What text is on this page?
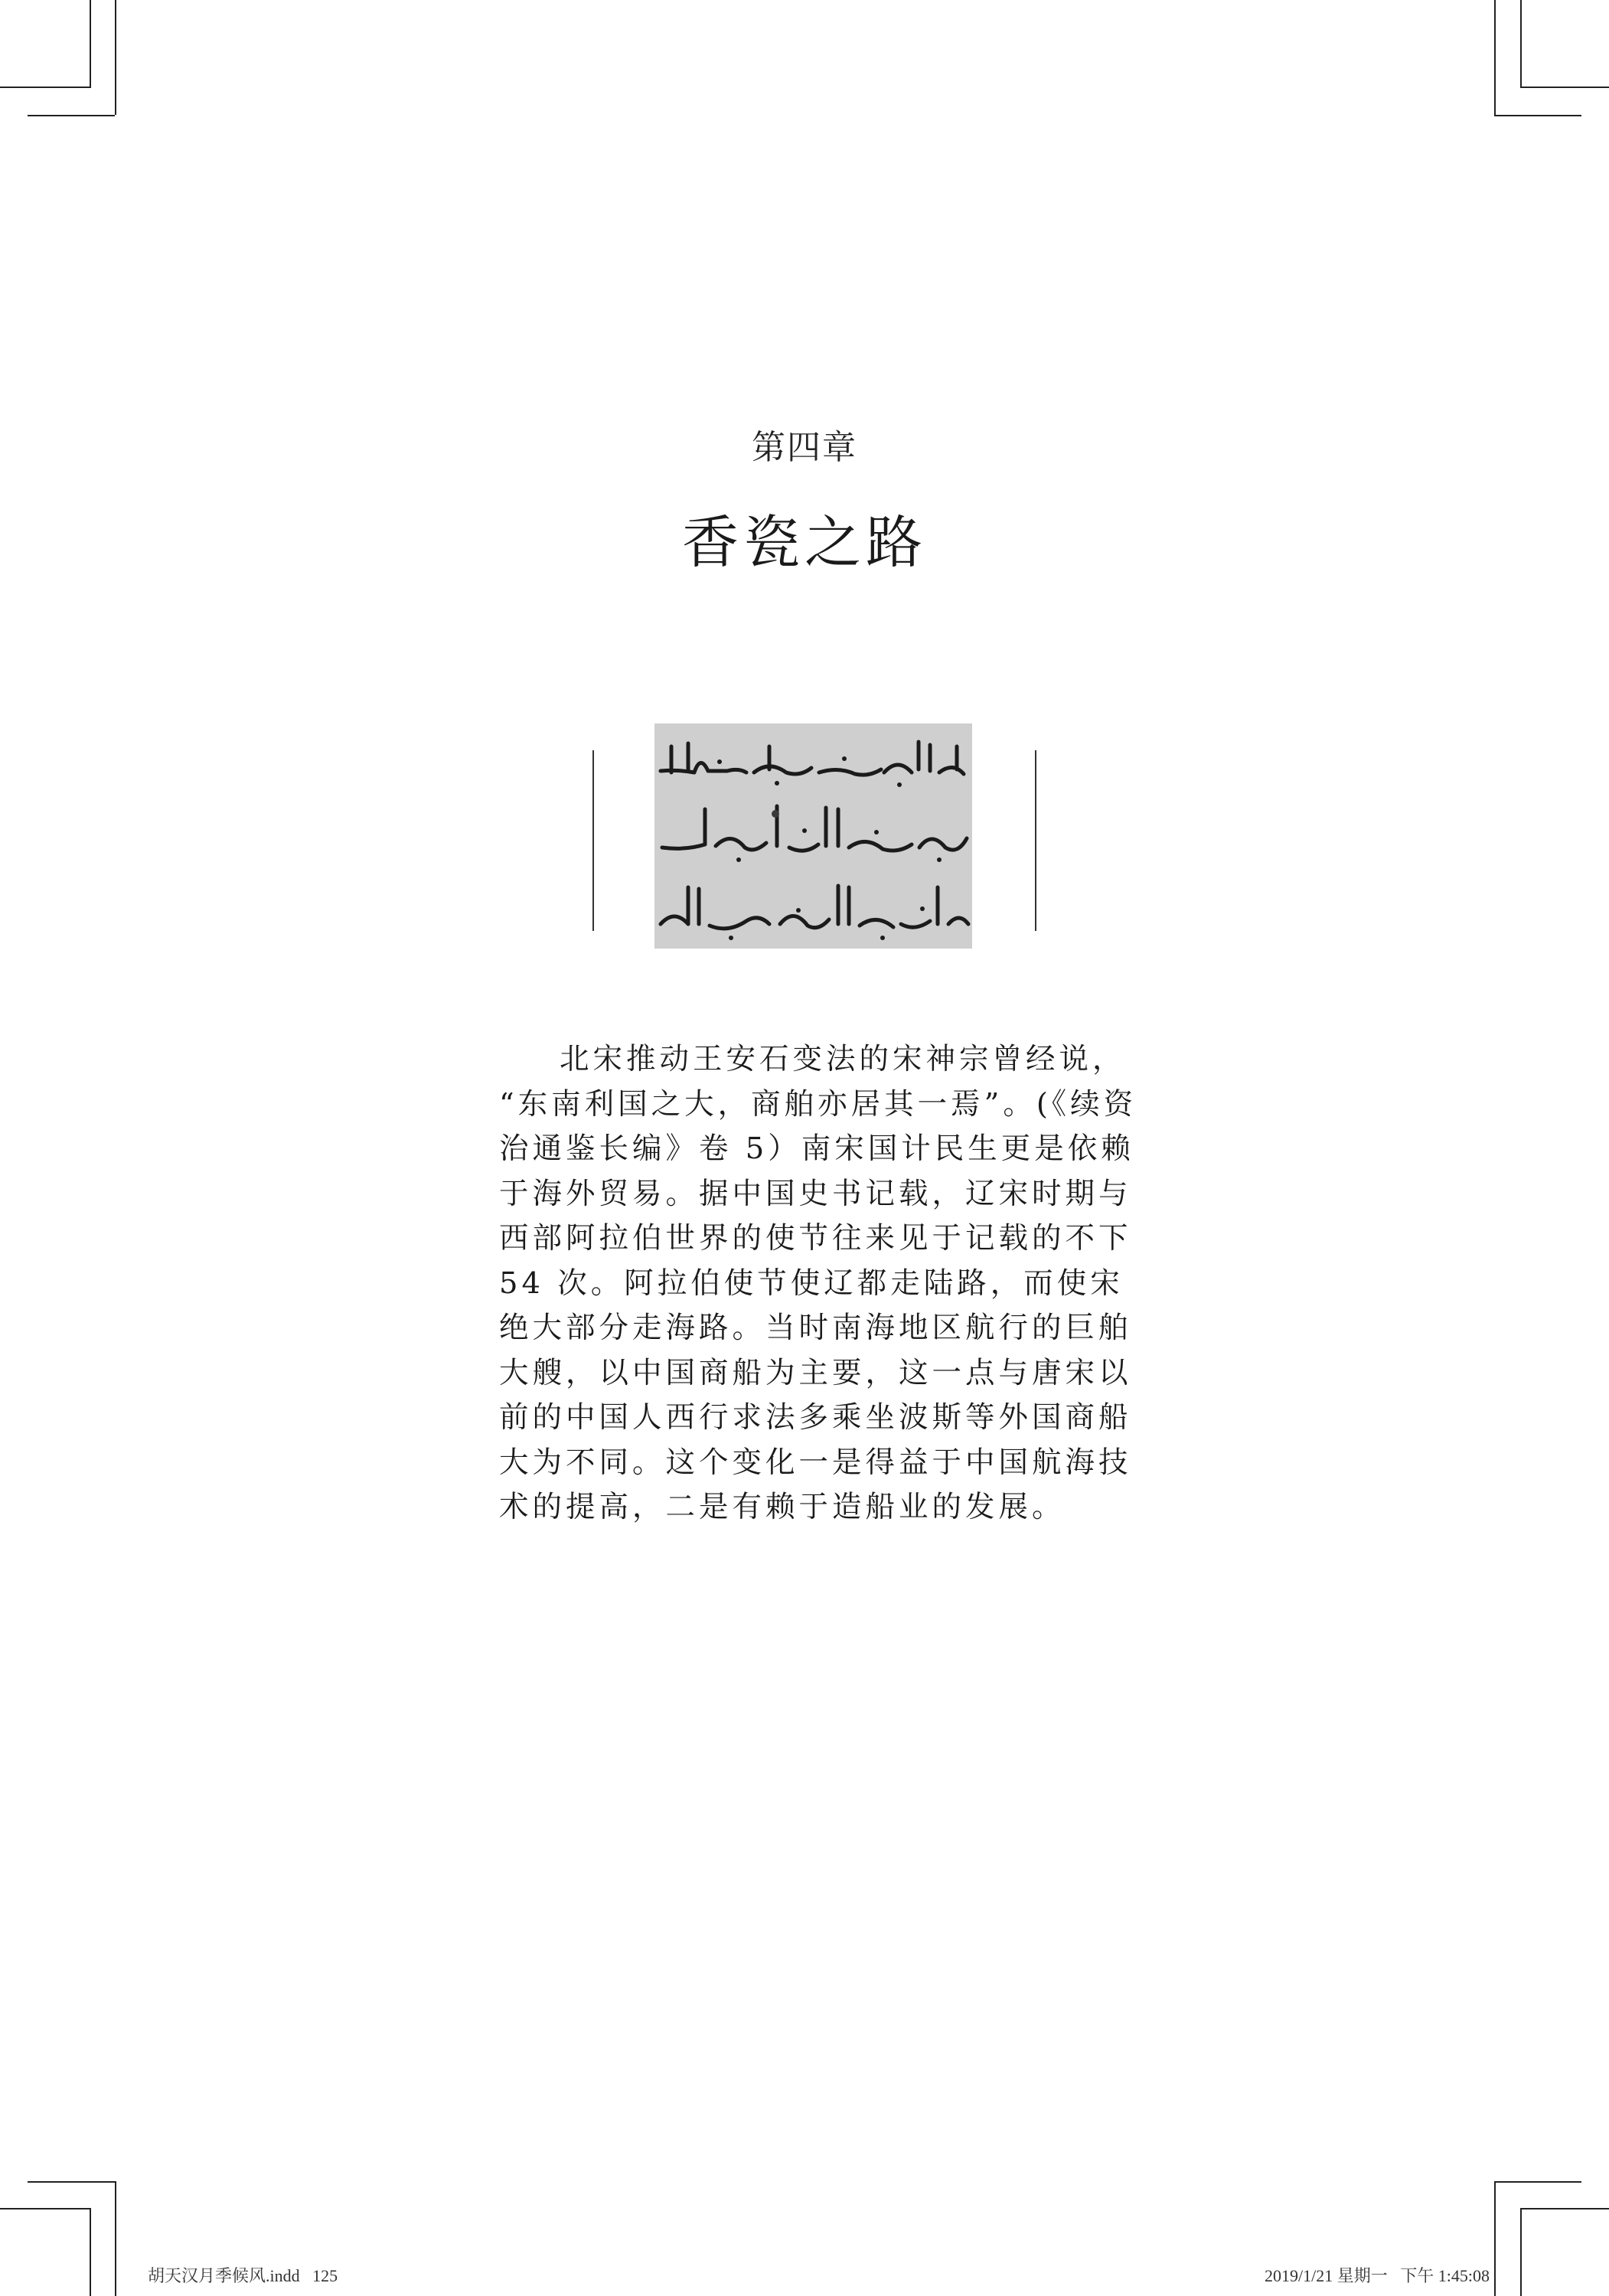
第四章
香瓷之路
北宋推动王安石变法的宋神宗曾经说，
“东南利国之大，商舶亦居其一焉”。(《续资
治通鉴长编》卷 5）南宋国计民生更是依赖
于海外贸易。据中国史书记载，辽宋时期与
西部阿拉伯世界的使节往来见于记载的不下
54 次。阿拉伯使节使辽都走陆路，而使宋
绝大部分走海路。当时南海地区航行的巨舶
大艘，以中国商船为主要，这一点与唐宋以
前的中国人西行求法多乘坐波斯等外国商船
大为不同。这个变化一是得益于中国航海技
术的提高，二是有赖于造船业的发展。
胡天汉月季候风.indd   125	2019/1/21 星期一   下午 1:45:08
